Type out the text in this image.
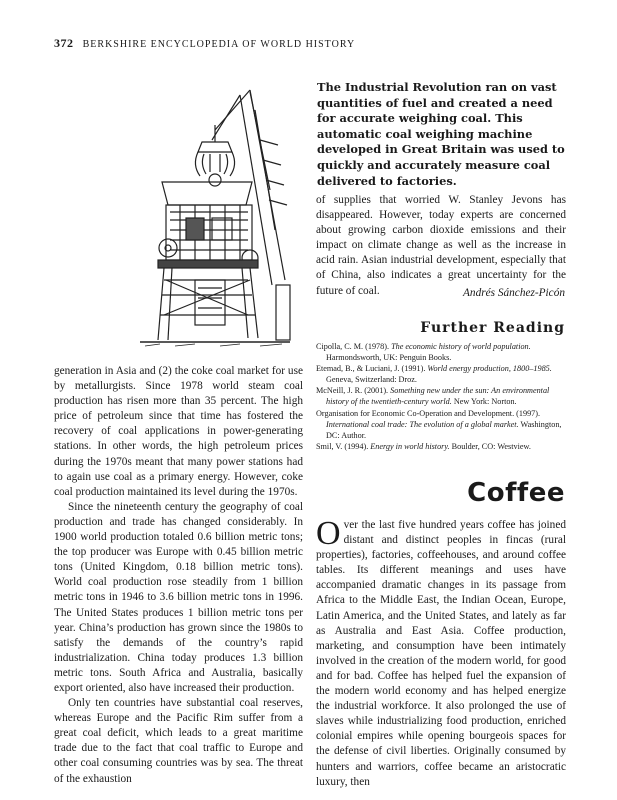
372 BERKSHIRE ENCYCLOPEDIA OF WORLD HISTORY
The Industrial Revolution ran on vast quantities of fuel and created a need for accurate weighing coal. This automatic coal weighing machine developed in Great Britain was used to quickly and accurately measure coal delivered to factories.

of supplies that worried W. Stanley Jevons has disappeared. However, today experts are concerned about growing carbon dioxide emissions and their impact on climate change as well as the increase in acid rain. Asian industrial development, especially that of China, also indicates a great uncertainty for the future of coal.	Andrés Sánchez-Picón
Further Reading
Cipolla, C. M. (1978). The economic history of world population. Harmondsworth, UK: Penguin Books.
Etemad, B., & Luciani, J. (1991). World energy production, 1800–1985. Geneva, Switzerland: Droz.
McNeill, J. R. (2001). Something new under the sun: An environmental history of the twentieth-century world. New York: Norton.
Organisation for Economic Co-Operation and Development. (1997). International coal trade: The evolution of a global market. Washington, DC: Author.
Smil, V. (1994). Energy in world history. Boulder, CO: Westview.

generation in Asia and (2) the coke coal market for use by metallurgists. Since 1978 world steam coal production has risen more than 35 percent. The high price of petroleum since that time has fostered the recovery of coal applications in power-generating stations. In other words, the high petroleum prices during the 1970s meant that many power stations had to again use coal as a primary energy. However, coke coal production maintained its level during the 1970s.

Since the nineteenth century the geography of coal production and trade has changed considerably. In 1900 world production totaled 0.6 billion metric tons; the top producer was Europe with 0.45 billion metric tons (United Kingdom, 0.18 billion metric tons). World coal production rose steadily from 1 billion metric tons in 1946 to 3.6 billion metric tons in 1996. The United States produces 1 billion metric tons per year. China’s production has grown since the 1980s to satisfy the demands of the country’s rapid industrialization. China today produces 1.3 billion metric tons. South Africa and Australia, basically export oriented, also have increased their production.

Only ten countries have substantial coal reserves, whereas Europe and the Pacific Rim suffer from a great coal deficit, which leads to a great maritime trade due to the fact that coal traffic to Europe and other coal consuming countries was by sea. The threat of the exhaustion

Coffee

O ver the last five hundred years coffee has joined distant and distinct peoples in fincas (rural properties), factories, coffeehouses, and around coffee tables. Its different meanings and uses have accompanied dramatic changes in its passage from Africa to the Middle East, the Indian Ocean, Europe, Latin America, and the United States, and lately as far as Australia and East Asia. Coffee production, marketing, and consumption have been intimately involved in the creation of the modern world, for good and for bad. Coffee has helped fuel the expansion of the modern world economy and has helped energize the industrial workforce. It also prolonged the use of slaves while industrializing food production, enriched colonial empires while opening bourgeois spaces for the defense of civil liberties. Originally consumed by hunters and warriors, coffee became an aristocratic luxury, then
